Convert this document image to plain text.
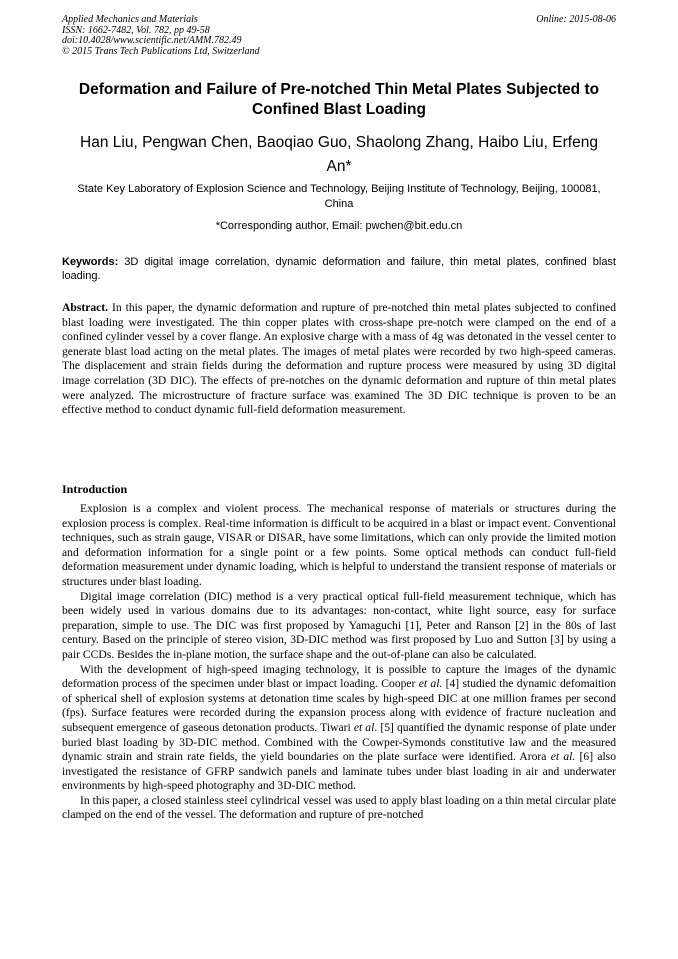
Applied Mechanics and Materials
ISSN: 1662-7482, Vol. 782, pp 49-58
doi:10.4028/www.scientific.net/AMM.782.49
© 2015 Trans Tech Publications Ltd, Switzerland
Online: 2015-08-06
Deformation and Failure of Pre-notched Thin Metal Plates Subjected to Confined Blast Loading
Han Liu, Pengwan Chen, Baoqiao Guo, Shaolong Zhang, Haibo Liu, Erfeng An*
State Key Laboratory of Explosion Science and Technology, Beijing Institute of Technology, Beijing, 100081, China
*Corresponding author, Email: pwchen@bit.edu.cn
Keywords: 3D digital image correlation, dynamic deformation and failure, thin metal plates, confined blast loading.
Abstract. In this paper, the dynamic deformation and rupture of pre-notched thin metal plates subjected to confined blast loading were investigated. The thin copper plates with cross-shape pre-notch were clamped on the end of a confined cylinder vessel by a cover flange. An explosive charge with a mass of 4g was detonated in the vessel center to generate blast load acting on the metal plates. The images of metal plates were recorded by two high-speed cameras. The displacement and strain fields during the deformation and rupture process were measured by using 3D digital image correlation (3D DIC). The effects of pre-notches on the dynamic deformation and rupture of thin metal plates were analyzed. The microstructure of fracture surface was examined The 3D DIC technique is proven to be an effective method to conduct dynamic full-field deformation measurement.
Introduction

Explosion is a complex and violent process. The mechanical response of materials or structures during the explosion process is complex. Real-time information is difficult to be acquired in a blast or impact event. Conventional techniques, such as strain gauge, VISAR or DISAR, have some limitations, which can only provide the limited motion and deformation information for a single point or a few points. Some optical methods can conduct full-field deformation measurement under dynamic loading, which is helpful to understand the transient response of materials or structures under blast loading.

Digital image correlation (DIC) method is a very practical optical full-field measurement technique, which has been widely used in various domains due to its advantages: non-contact, white light source, easy for surface preparation, simple to use. The DIC was first proposed by Yamaguchi [1], Peter and Ranson [2] in the 80s of last century. Based on the principle of stereo vision, 3D-DIC method was first proposed by Luo and Sutton [3] by using a pair CCDs. Besides the in-plane motion, the surface shape and the out-of-plane can also be calculated.

With the development of high-speed imaging technology, it is possible to capture the images of the dynamic deformation process of the specimen under blast or impact loading. Cooper et al. [4] studied the dynamic defomaition of spherical shell of explosion systems at detonation time scales by high-speed DIC at one million frames per second (fps). Surface features were recorded during the expansion process along with evidence of fracture nucleation and subsequent emergence of gaseous detonation products. Tiwari et al. [5] quantified the dynamic response of plate under buried blast loading by 3D-DIC method. Combined with the Cowper-Symonds constitutive law and the measured dynamic strain and strain rate fields, the yield boundaries on the plate surface were identified. Arora et al. [6] also investigated the resistance of GFRP sandwich panels and laminate tubes under blast loading in air and underwater environments by high-speed photography and 3D-DIC method.

In this paper, a closed stainless steel cylindrical vessel was used to apply blast loading on a thin metal circular plate clamped on the end of the vessel. The deformation and rupture of pre-notched
